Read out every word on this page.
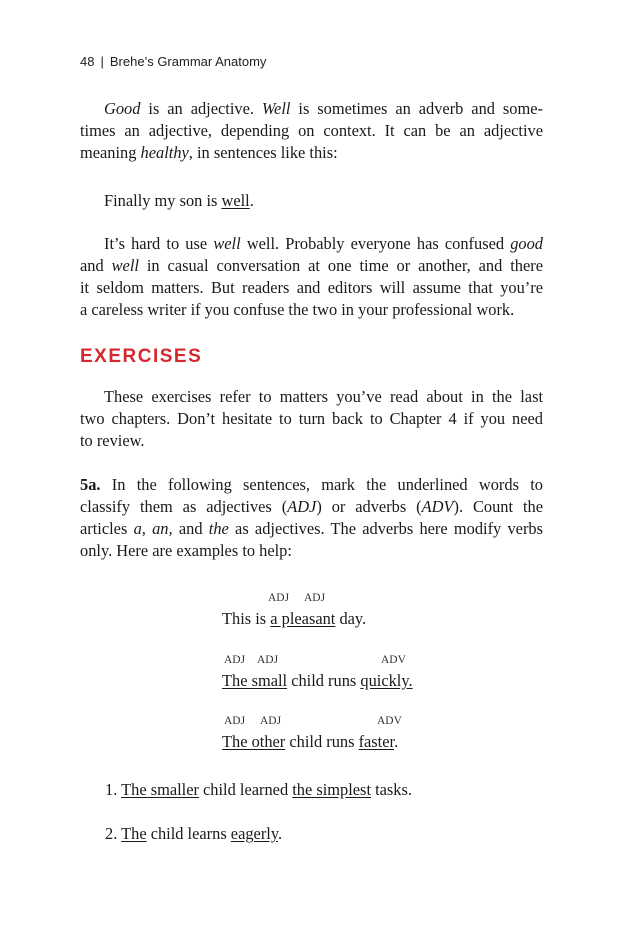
48 | Brehe’s Grammar Anatomy

Good is an adjective. Well is sometimes an adverb and some-
times an adjective, depending on context. It can be an adjective
meaning healthy, in sentences like this:

Finally my son is well.

It’s hard to use well well. Probably everyone has confused good
and well in casual conversation at one time or another, and there
it seldom matters. But readers and editors will assume that you’re
a careless writer if you confuse the two in your professional work.

EXERCISES

These exercises refer to matters you’ve read about in the last
two chapters. Don’t hesitate to turn back to Chapter 4 if you need
to review.

5a. In the following sentences, mark the underlined words to
classify them as adjectives (ADJ) or adverbs (ADV). Count the
articles a, an, and the as adjectives. The adverbs here modify verbs
only. Here are examples to help:

ADJ ADJ
This is a pleasant day.
ADJ ADJ	ADV
The small child runs quickly.
ADJ ADJ	ADV
The other child runs faster.
1. The smaller child learned the simplest tasks.
2. The child learns eagerly.
